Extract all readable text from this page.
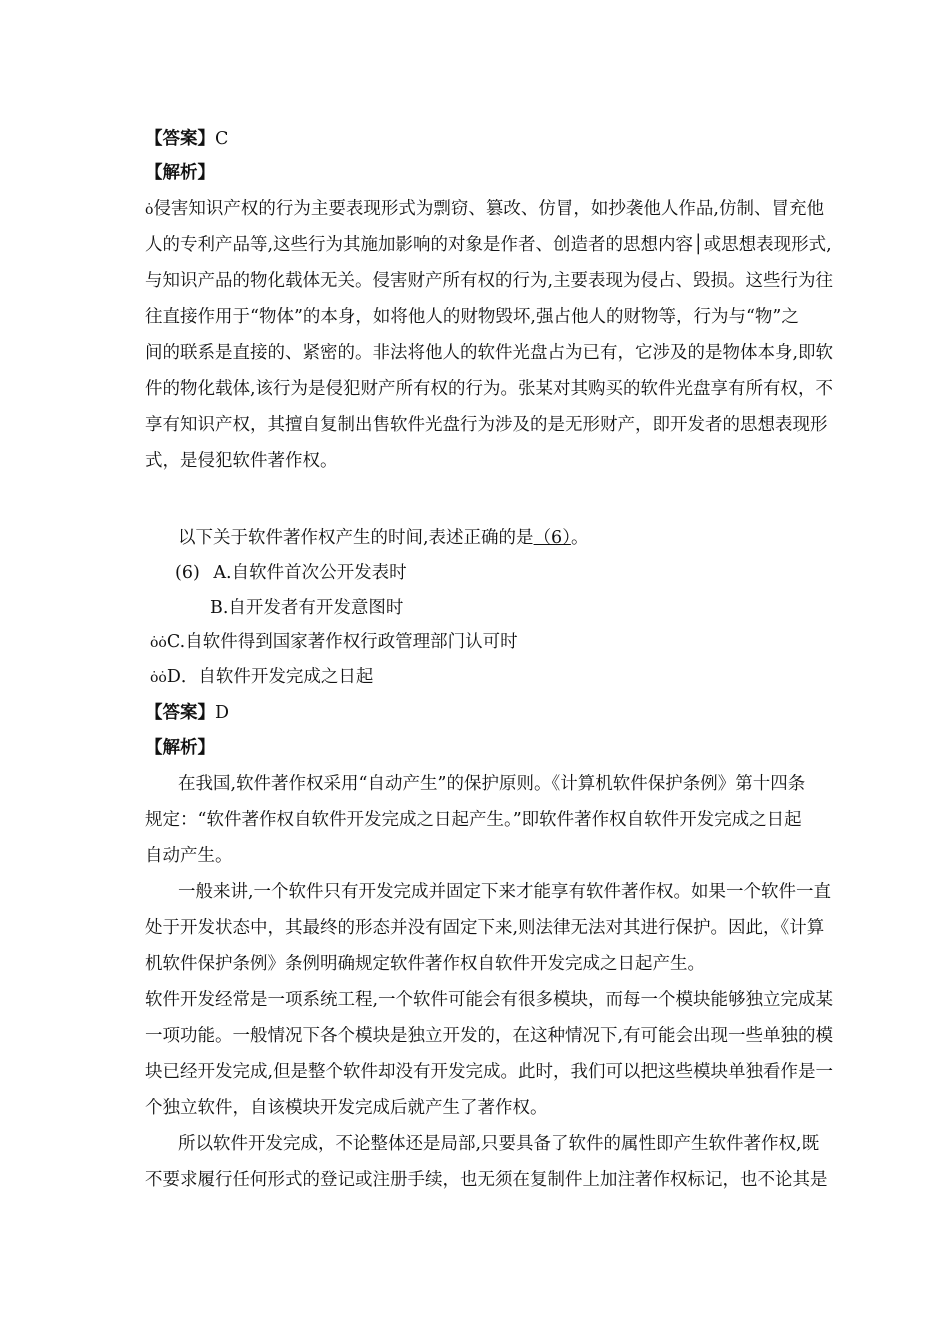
【答案】C
【解析】
ȯ侵害知识产权的行为主要表现形式为剽窃、篡改、仿冒，如抄袭他人作品,仿制、冒充他
人的专利产品等,这些行为其施加影响的对象是作者、创造者的思想内容│或思想表现形式,
与知识产品的物化载体无关。侵害财产所有权的行为,主要表现为侵占、毁损。这些行为往
往直接作用于“物体”的本身，如将他人的财物毁坏,强占他人的财物等，行为与“物”之
间的联系是直接的、紧密的。非法将他人的软件光盘占为已有，它涉及的是物体本身,即软
件的物化载体,该行为是侵犯财产所有权的行为。张某对其购买的软件光盘享有所有权，不
享有知识产权，其擅自复制出售软件光盘行为涉及的是无形财产，即开发者的思想表现形
式，是侵犯软件著作权。
以下关于软件著作权产生的时间,表述正确的是（6）。
(6) A.自软件首次公开发表时
B.自开发者有开发意图时
ȯȯC.自软件得到国家著作权行政管理部门认可时
ȯȯD．自软件开发完成之日起
【答案】D
【解析】
在我国,软件著作权采用“自动产生”的保护原则。《计算机软件保护条例》第十四条
规定：“软件著作权自软件开发完成之日起产生。”即软件著作权自软件开发完成之日起
自动产生。
一般来讲,一个软件只有开发完成并固定下来才能享有软件著作权。如果一个软件一直
处于开发状态中，其最终的形态并没有固定下来,则法律无法对其进行保护。因此，《计算
机软件保护条例》条例明确规定软件著作权自软件开发完成之日起产生。
软件开发经常是一项系统工程,一个软件可能会有很多模块，而每一个模块能够独立完成某
一项功能。一般情况下各个模块是独立开发的，在这种情况下,有可能会出现一些单独的模
块已经开发完成,但是整个软件却没有开发完成。此时，我们可以把这些模块单独看作是一
个独立软件，自该模块开发完成后就产生了著作权。
所以软件开发完成，不论整体还是局部,只要具备了软件的属性即产生软件著作权,既
不要求履行任何形式的登记或注册手续，也无须在复制件上加注著作权标记，也不论其是
